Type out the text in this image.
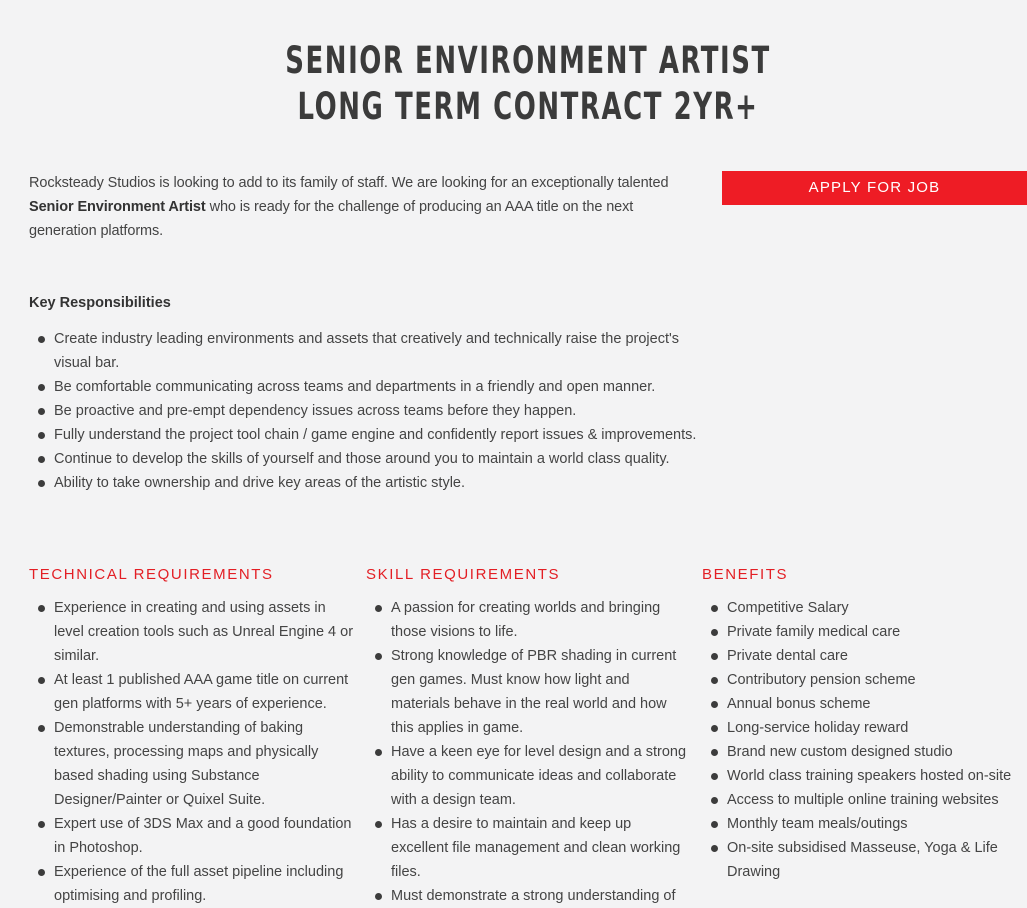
SENIOR ENVIRONMENT ARTIST
LONG TERM CONTRACT 2YR+

Rocksteady Studios is looking to add to its family of staff. We are looking for an exceptionally talented Senior Environment Artist who is ready for the challenge of producing an AAA title on the next generation platforms.

APPLY FOR JOB
Key Responsibilities
Create industry leading environments and assets that creatively and technically raise the project's visual bar.
Be comfortable communicating across teams and departments in a friendly and open manner.
Be proactive and pre-empt dependency issues across teams before they happen.
Fully understand the project tool chain / game engine and confidently report issues & improvements.
Continue to develop the skills of yourself and those around you to maintain a world class quality.
Ability to take ownership and drive key areas of the artistic style.
TECHNICAL REQUIREMENTS
Experience in creating and using assets in level creation tools such as Unreal Engine 4 or similar.
At least 1 published AAA game title on current gen platforms with 5+ years of experience.
Demonstrable understanding of baking textures, processing maps and physically based shading using Substance Designer/Painter or Quixel Suite.
Expert use of 3DS Max and a good foundation in Photoshop.
Experience of the full asset pipeline including optimising and profiling.
SKILL REQUIREMENTS
A passion for creating worlds and bringing those visions to life.
Strong knowledge of PBR shading in current gen games. Must know how light and materials behave in the real world and how this applies in game.
Have a keen eye for level design and a strong ability to communicate ideas and collaborate with a design team.
Has a desire to maintain and keep up excellent file management and clean working files.
Must demonstrate a strong understanding of
BENEFITS
Competitive Salary
Private family medical care
Private dental care
Contributory pension scheme
Annual bonus scheme
Long-service holiday reward
Brand new custom designed studio
World class training speakers hosted on-site
Access to multiple online training websites
Monthly team meals/outings
On-site subsidised Masseuse, Yoga & Life Drawing
